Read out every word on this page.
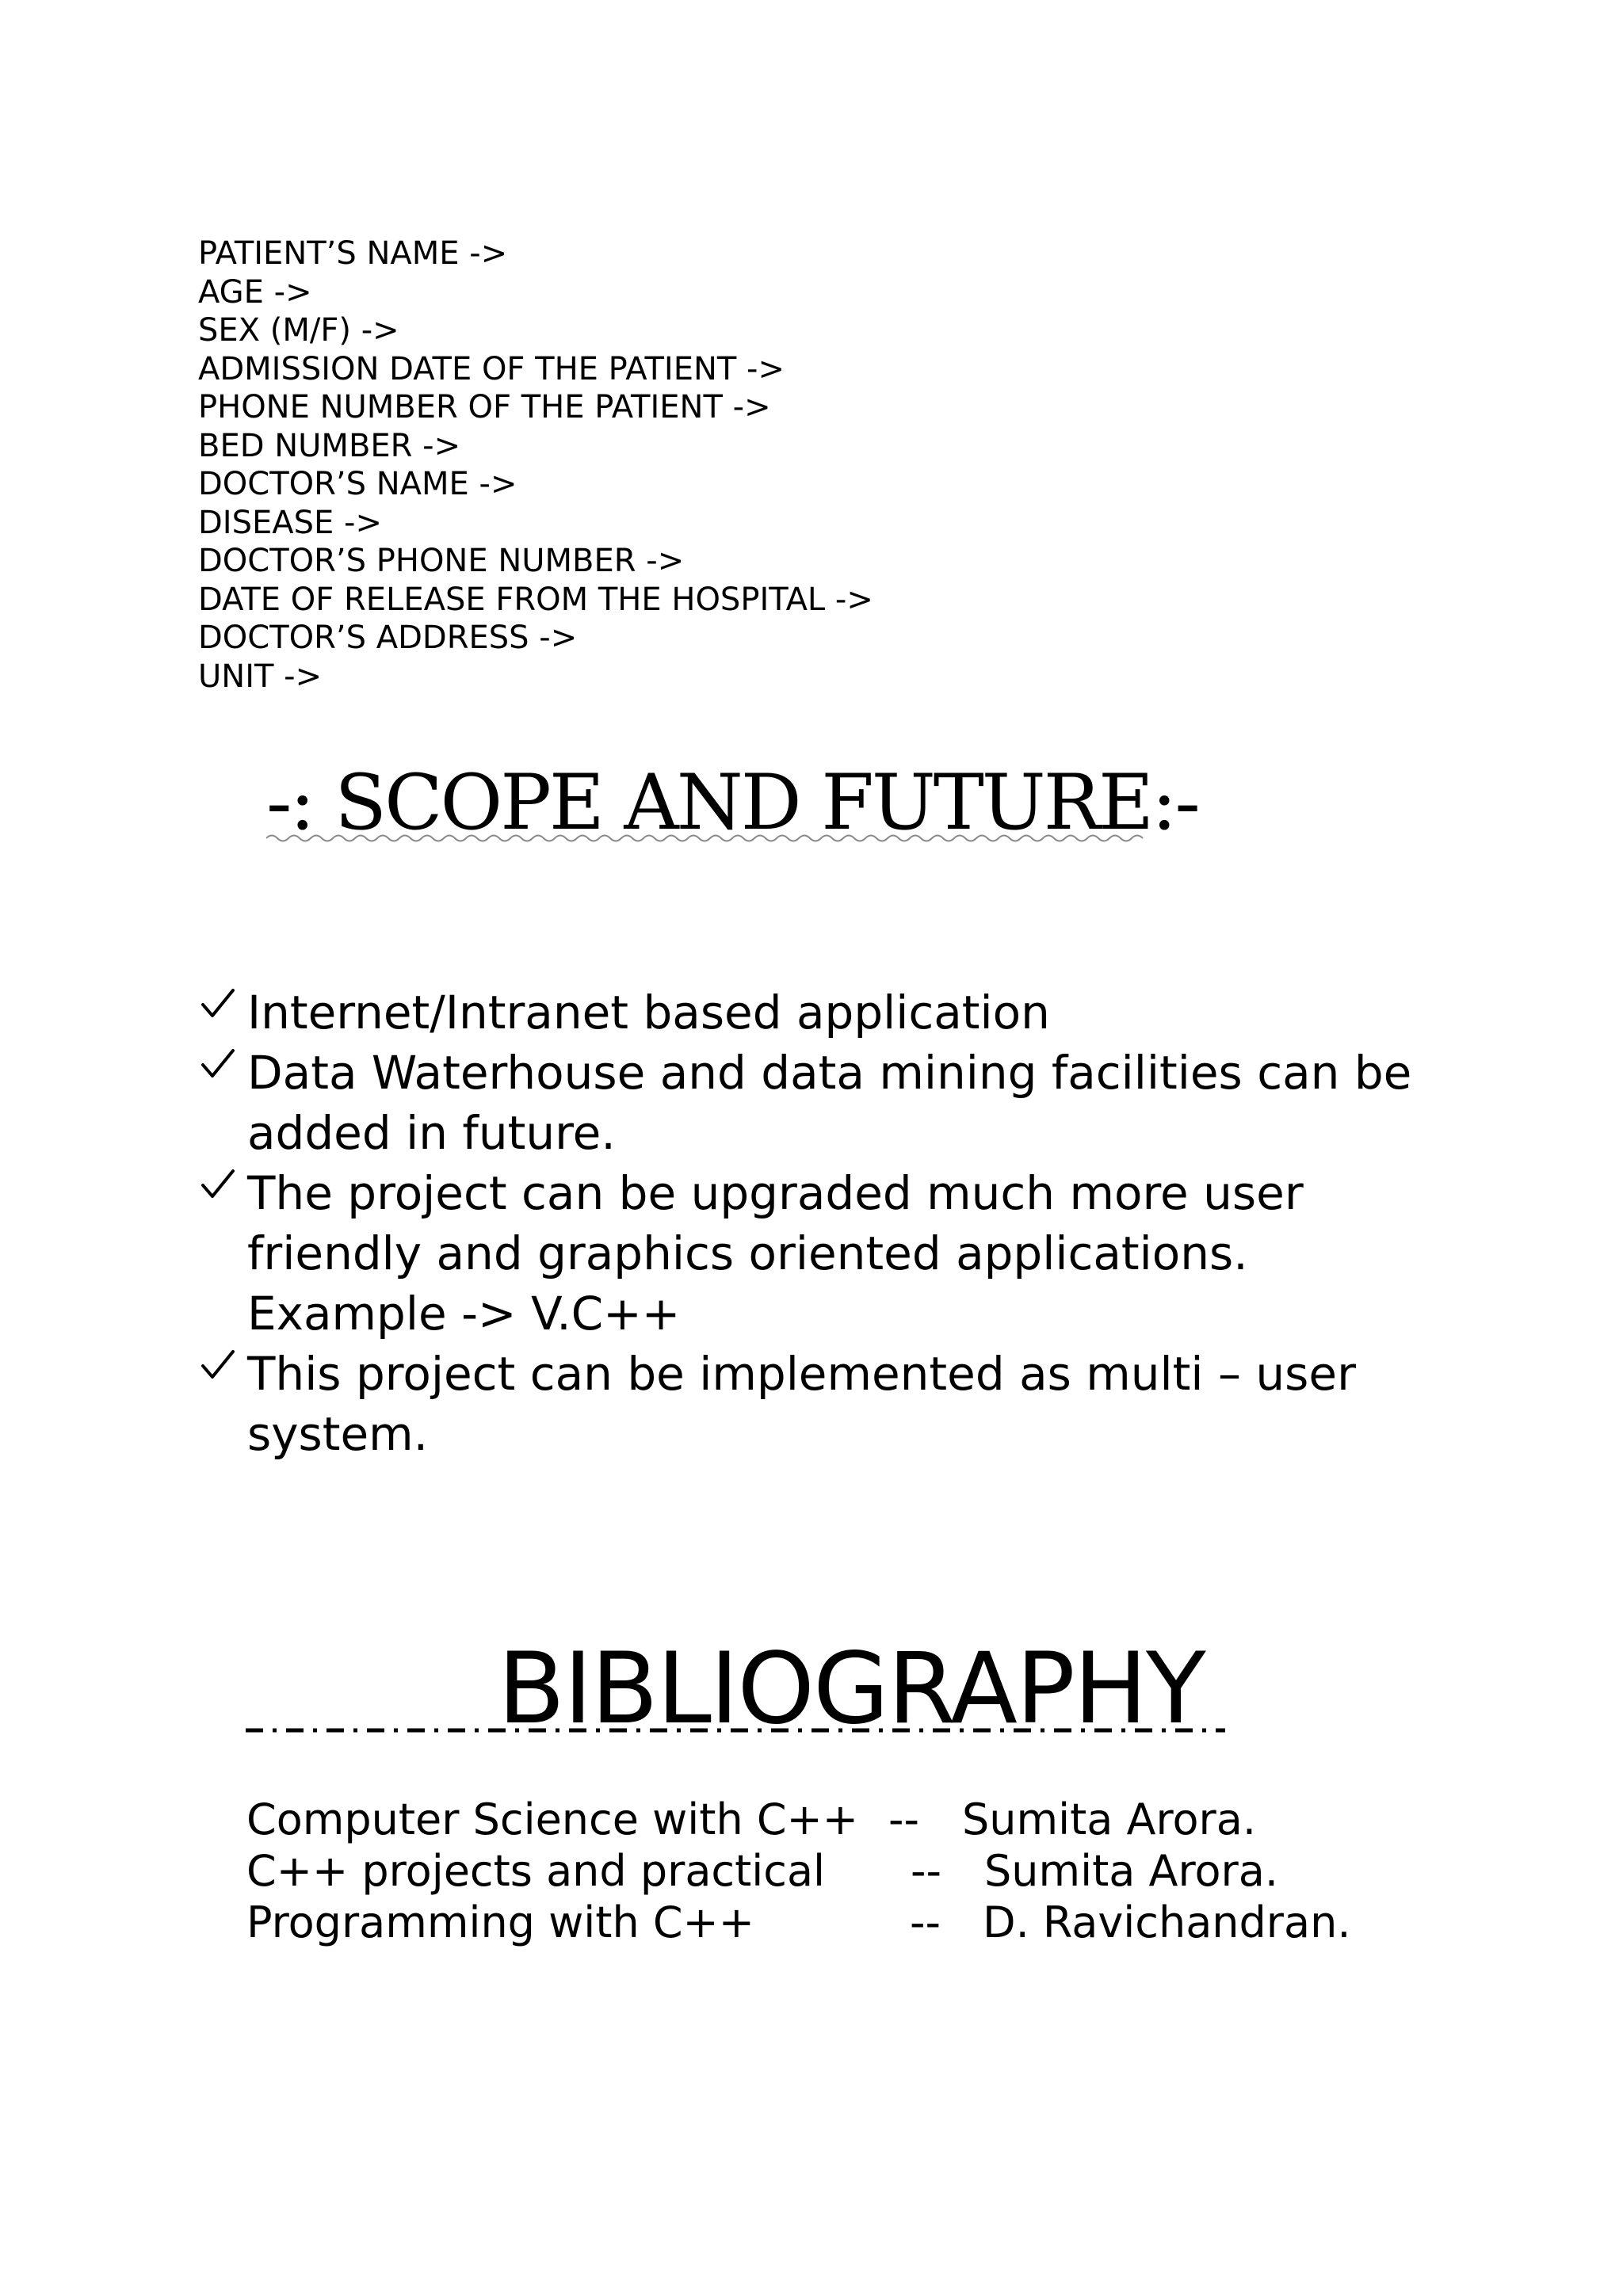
PATIENT’S NAME ->
AGE ->
SEX (M/F) ->
ADMISSION DATE OF THE PATIENT ->
PHONE NUMBER OF THE PATIENT ->
BED NUMBER ->
DOCTOR’S NAME ->
DISEASE ->
DOCTOR’S PHONE NUMBER ->
DATE OF RELEASE FROM THE HOSPITAL ->
DOCTOR’S ADDRESS ->
UNIT ->
-: SCOPE AND FUTURE:-
Internet/Intranet based application
Data Waterhouse and data mining facilities can be added in future.
The project can be upgraded much more user friendly and graphics oriented applications. Example -> V.C++
This project can be implemented as multi – user system.
BIBLIOGRAPHY
Computer Science with C++ -- Sumita Arora.
C++ projects and practical -- Sumita Arora.
Programming with C++	-- D. Ravichandran.
